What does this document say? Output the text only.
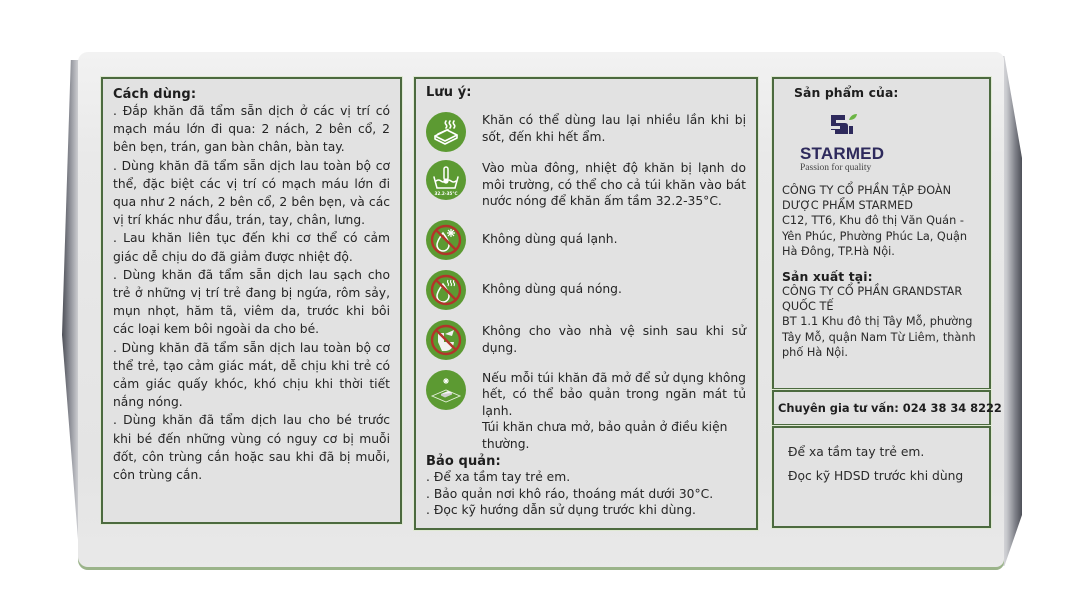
Cách dùng:

. Đắp khăn đã tẩm sẵn dịch ở các vị trí có mạch máu lớn đi qua: 2 nách, 2 bên cổ, 2 bên bẹn, trán, gan bàn chân, bàn tay.

. Dùng khăn đã tẩm sẵn dịch lau toàn bộ cơ thể, đặc biệt các vị trí có mạch máu lớn đi qua như 2 nách, 2 bên cổ, 2 bên bẹn, và các vị trí khác như đầu, trán, tay, chân, lưng.

. Lau khăn liên tục đến khi cơ thể có cảm giác dễ chịu do đã giảm được nhiệt độ.

. Dùng khăn đã tẩm sẵn dịch lau sạch cho trẻ ở những vị trí trẻ đang bị ngứa, rôm sảy, mụn nhọt, hăm tã, viêm da, trước khi bôi các loại kem bôi ngoài da cho bé.

. Dùng khăn đã tẩm sẵn dịch lau toàn bộ cơ thể trẻ, tạo cảm giác mát, dễ chịu khi trẻ có cảm giác quấy khóc, khó chịu khi thời tiết nắng nóng.

. Dùng khăn đã tẩm dịch lau cho bé trước khi bé đến những vùng có nguy cơ bị muỗi đốt, côn trùng cắn hoặc sau khi đã bị muỗi, côn trùng cắn.

Lưu ý:
Khăn có thể dùng lau lại nhiều lần khi bị sốt, đến khi hết ẩm.
32.2-35°C
Vào mùa đông, nhiệt độ khăn bị lạnh do môi trường, có thể cho cả túi khăn vào bát nước nóng để khăn ấm tầm 32.2-35°C.
Không dùng quá lạnh.
Không dùng quá nóng.
Không cho vào nhà vệ sinh sau khi sử dụng.
Nếu mỗi túi khăn đã mở để sử dụng không hết, có thể bảo quản trong ngăn mát tủ lạnh.
Túi khăn chưa mở, bảo quản ở điều kiện thường.
Bảo quản:
. Để xa tầm tay trẻ em.
. Bảo quản nơi khô ráo, thoáng mát dưới 30°C.
. Đọc kỹ hướng dẫn sử dụng trước khi dùng.
Sản phẩm của:
STARMED
Passion for quality
CÔNG TY CỔ PHẦN TẬP ĐOÀN DƯỢC PHẨM STARMED
C12, TT6, Khu đô thị Văn Quán - Yên Phúc, Phường Phúc La, Quận Hà Đông, TP.Hà Nội.
Sản xuất tại:
CÔNG TY CỔ PHẦN GRANDSTAR QUỐC TẾ
BT 1.1 Khu đô thị Tây Mỗ, phường Tây Mỗ, quận Nam Từ Liêm, thành phố Hà Nội.
Chuyên gia tư vấn: 024 38 34 8222
Để xa tầm tay trẻ em.
Đọc kỹ HDSD trước khi dùng
